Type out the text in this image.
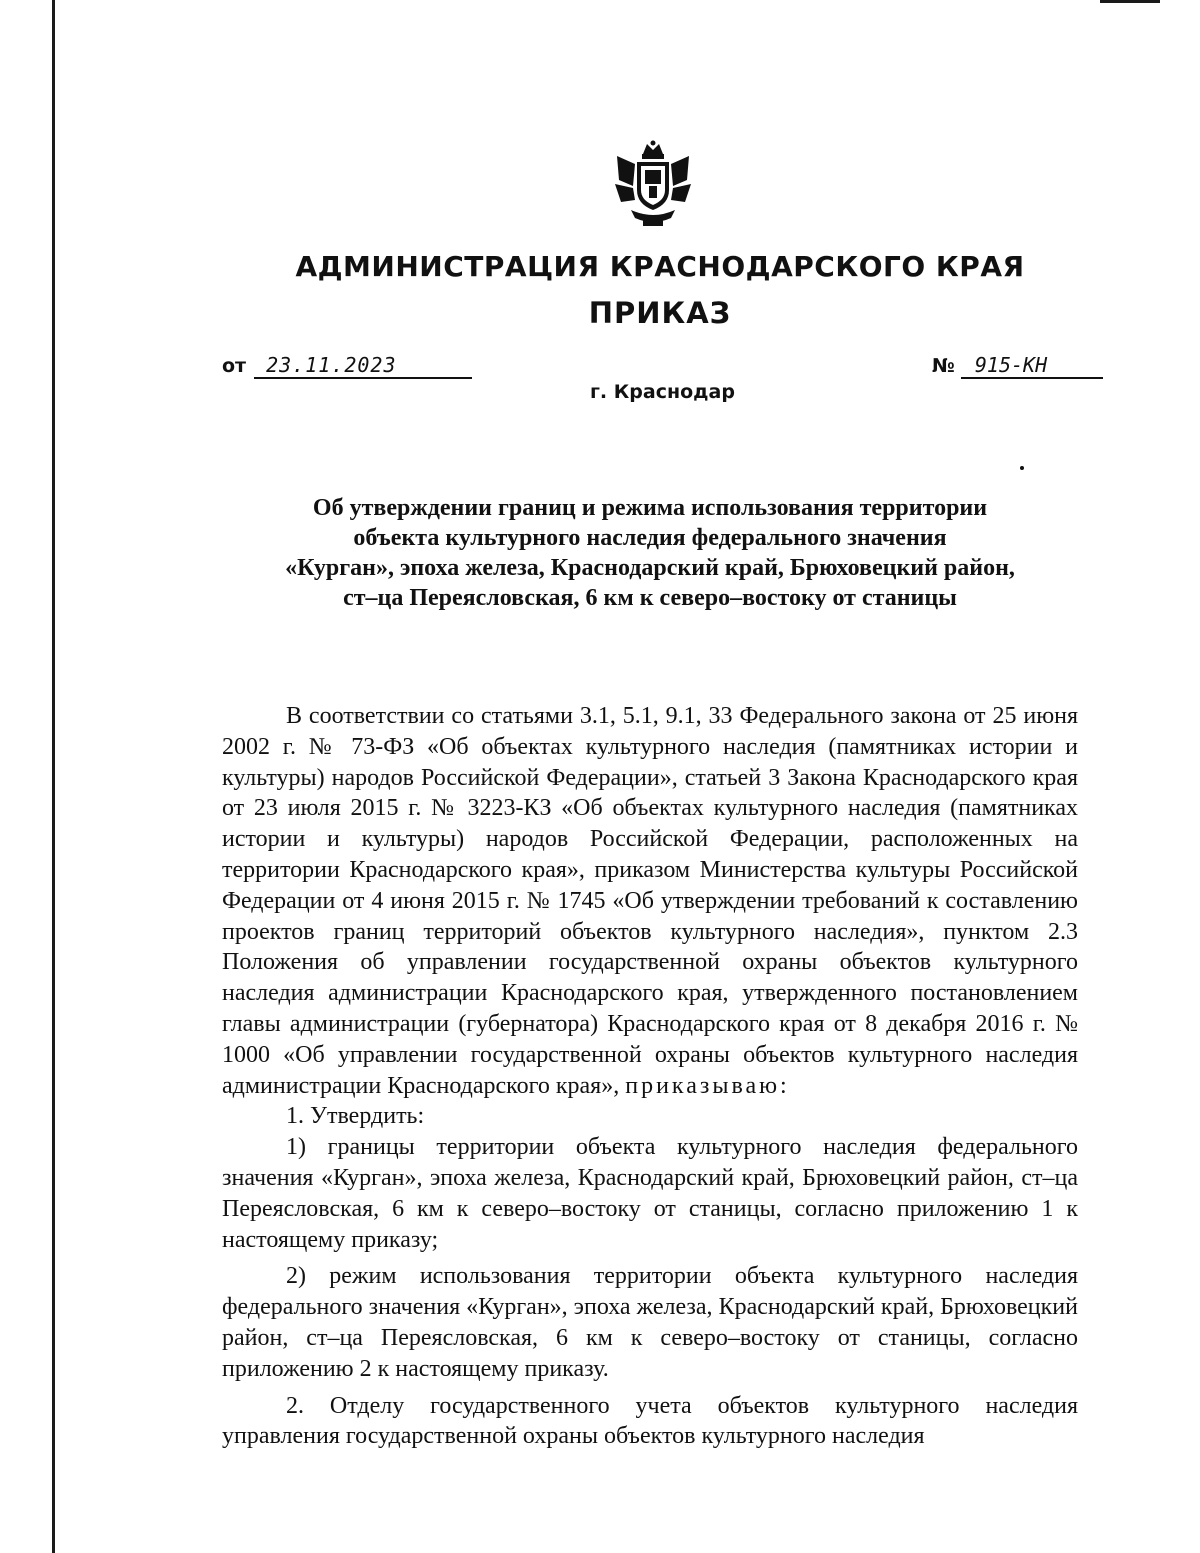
АДМИНИСТРАЦИЯ КРАСНОДАРСКОГО КРАЯ
ПРИКАЗ
от 23.11.2023	№ 915-КН
г. Краснодар
Об утверждении границ и режима использования территории
объекта культурного наследия федерального значения
«Курган», эпоха железа, Краснодарский край, Брюховецкий район,
ст–ца Переясловская, 6 км к северо–востоку от станицы

В соответствии со статьями 3.1, 5.1, 9.1, 33 Федерального закона от 25 июня 2002 г. № 73-ФЗ «Об объектах культурного наследия (памятниках истории и культуры) народов Российской Федерации», статьей 3 Закона Краснодарского края от 23 июля 2015 г. № 3223-КЗ «Об объектах культурного наследия (памятниках истории и культуры) народов Российской Федерации, расположенных на территории Краснодарского края», приказом Министерства культуры Российской Федерации от 4 июня 2015 г. № 1745 «Об утверждении требований к составлению проектов границ территорий объектов культурного наследия», пунктом 2.3 Положения об управлении государственной охраны объектов культурного наследия администрации Краснодарского края, утвержденного постановлением главы администрации (губернатора) Краснодарского края от 8 декабря 2016 г. № 1000 «Об управлении государственной охраны объектов культурного наследия администрации Краснодарского края», приказываю:

1. Утвердить:

1) границы территории объекта культурного наследия федерального значения «Курган», эпоха железа, Краснодарский край, Брюховецкий район, ст–ца Переясловская, 6 км к северо–востоку от станицы, согласно приложению 1 к настоящему приказу;

2) режим использования территории объекта культурного наследия федерального значения «Курган», эпоха железа, Краснодарский край, Брюховецкий район, ст–ца Переясловская, 6 км к северо–востоку от станицы, согласно приложению 2 к настоящему приказу.

2. Отделу государственного учета объектов культурного наследия управления государственной охраны объектов культурного наследия
